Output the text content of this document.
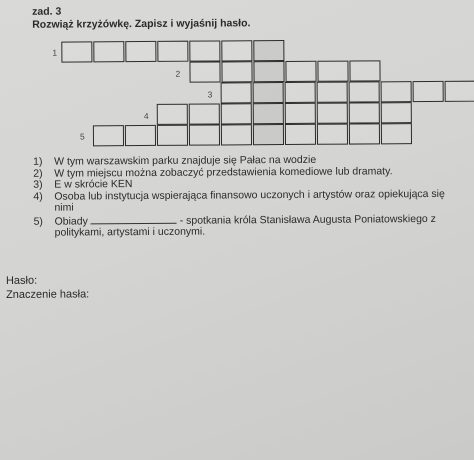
zad. 3
Rozwiąż krzyżówkę. Zapisz i wyjaśnij hasło.
1
2
3
4
5
1) W tym warszawskim parku znajduje się Pałac na wodzie
2) W tym miejscu można zobaczyć przedstawienia komediowe lub dramaty.
3) E w skrócie KEN
4) Osoba lub instytucja wspierająca finansowo uczonych i artystów oraz opiekująca się
nimi
5) Obiady	- spotkania króla Stanisława Augusta Poniatowskiego z
politykami, artystami i uczonymi.
Hasło:
Znaczenie hasła:
